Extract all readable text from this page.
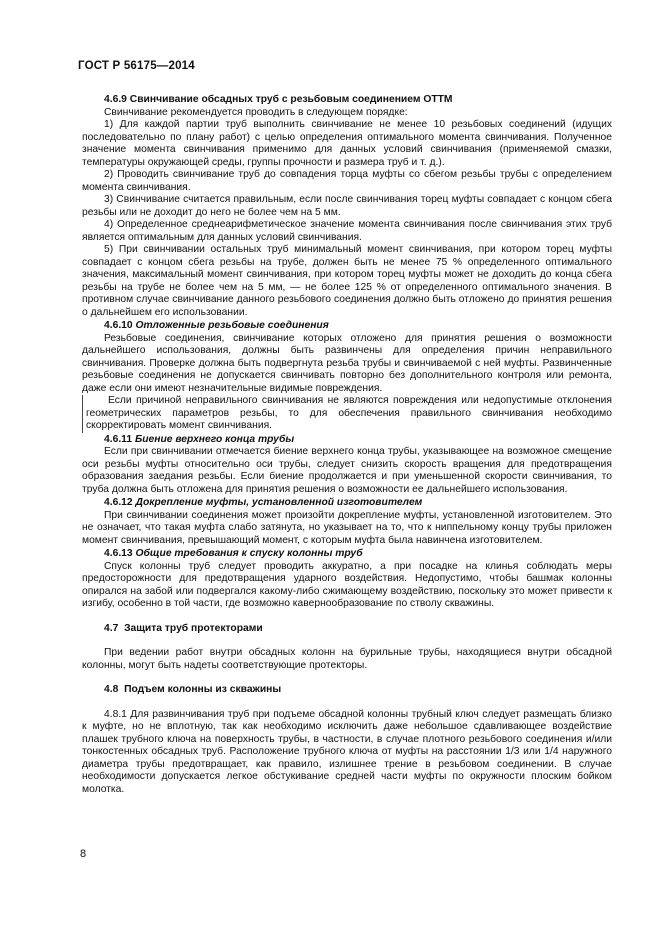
ГОСТ Р 56175—2014

4.6.9 Свинчивание обсадных труб с резьбовым соединением ОТТМ

Свинчивание рекомендуется проводить в следующем порядке:

1) Для каждой партии труб выполнить свинчивание не менее 10 резьбовых соединений (идущих последовательно по плану работ) с целью определения оптимального момента свинчивания. Полученное значение момента свинчивания применимо для данных условий свинчивания (применяемой смазки, температуры окружающей среды, группы прочности и размера труб и т. д.).

2) Проводить свинчивание труб до совпадения торца муфты со сбегом резьбы трубы с определением момента свинчивания.

3) Свинчивание считается правильным, если после свинчивания торец муфты совпадает с концом сбега резьбы или не доходит до него не более чем на 5 мм.

4) Определенное среднеарифметическое значение момента свинчивания после свинчивания этих труб является оптимальным для данных условий свинчивания.

5) При свинчивании остальных труб минимальный момент свинчивания, при котором торец муфты совпадает с концом сбега резьбы на трубе, должен быть не менее 75 % определенного оптимального значения, максимальный момент свинчивания, при котором торец муфты может не доходить до конца сбега резьбы на трубе не более чем на 5 мм, — не более 125 % от определенного оптимального значения. В противном случае свинчивание данного резьбового соединения должно быть отложено до принятия решения о дальнейшем его использовании.

4.6.10 Отложенные резьбовые соединения

Резьбовые соединения, свинчивание которых отложено для принятия решения о возможности дальнейшего использования, должны быть развинчены для определения причин неправильного свинчивания. Проверке должна быть подвергнута резьба трубы и свинчиваемой с ней муфты. Развинченные резьбовые соединения не допускается свинчивать повторно без дополнительного контроля или ремонта, даже если они имеют незначительные видимые повреждения.

Если причиной неправильного свинчивания не являются повреждения или недопустимые отклонения геометрических параметров резьбы, то для обеспечения правильного свинчивания необходимо скорректировать момент свинчивания.

4.6.11 Биение верхнего конца трубы

Если при свинчивании отмечается биение верхнего конца трубы, указывающее на возможное смещение оси резьбы муфты относительно оси трубы, следует снизить скорость вращения для предотвращения образования заедания резьбы. Если биение продолжается и при уменьшенной скорости свинчивания, то труба должна быть отложена для принятия решения о возможности ее дальнейшего использования.

4.6.12 Докрепление муфты, установленной изготовителем

При свинчивании соединения может произойти докрепление муфты, установленной изготовителем. Это не означает, что такая муфта слабо затянута, но указывает на то, что к ниппельному концу трубы приложен момент свинчивания, превышающий момент, с которым муфта была навинчена изготовителем.

4.6.13 Общие требования к спуску колонны труб

Спуск колонны труб следует проводить аккуратно, а при посадке на клинья соблюдать меры предосторожности для предотвращения ударного воздействия. Недопустимо, чтобы башмак колонны опирался на забой или подвергался какому-либо сжимающему воздействию, поскольку это может привести к изгибу, особенно в той части, где возможно кавернообразование по стволу скважины.

4.7 Защита труб протекторами

При ведении работ внутри обсадных колонн на бурильные трубы, находящиеся внутри обсадной колонны, могут быть надеты соответствующие протекторы.

4.8 Подъем колонны из скважины

4.8.1 Для развинчивания труб при подъеме обсадной колонны трубный ключ следует размещать близко к муфте, но не вплотную, так как необходимо исключить даже небольшое сдавливающее воздействие плашек трубного ключа на поверхность трубы, в частности, в случае плотного резьбового соединения и/или тонкостенных обсадных труб. Расположение трубного ключа от муфты на расстоянии 1/3 или 1/4 наружного диаметра трубы предотвращает, как правило, излишнее трение в резьбовом соединении. В случае необходимости допускается легкое обстукивание средней части муфты по окружности плоским бойком молотка.

8
